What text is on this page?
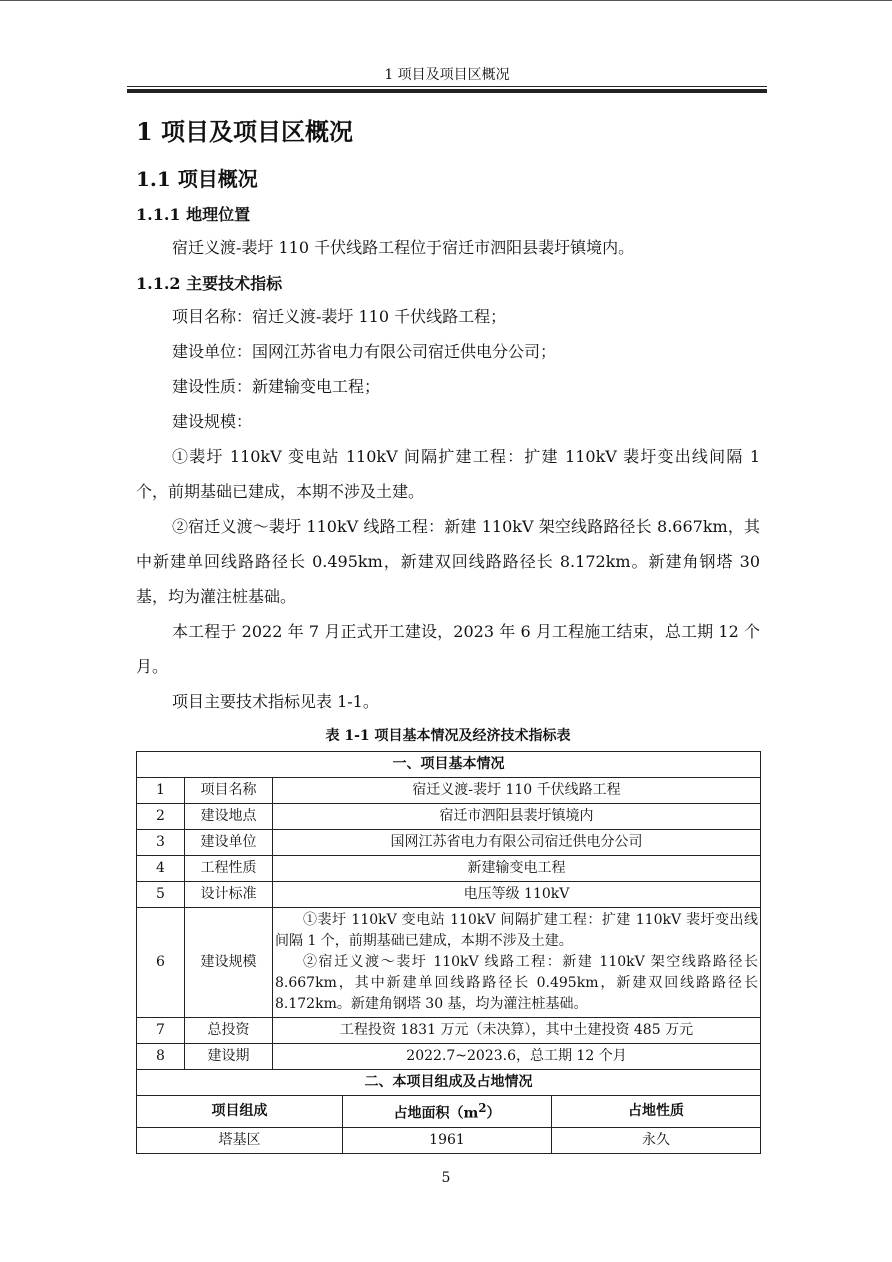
1 项目及项目区概况
1 项目及项目区概况
1.1 项目概况
1.1.1 地理位置

宿迁义渡-裴圩 110 千伏线路工程位于宿迁市泗阳县裴圩镇境内。

1.1.2 主要技术指标

项目名称：宿迁义渡-裴圩 110 千伏线路工程；

建设单位：国网江苏省电力有限公司宿迁供电分公司；

建设性质：新建输变电工程；

建设规模：

①裴圩 110kV 变电站 110kV 间隔扩建工程：扩建 110kV 裴圩变出线间隔 1 个，前期基础已建成，本期不涉及土建。

②宿迁义渡～裴圩 110kV 线路工程：新建 110kV 架空线路路径长 8.667km，其中新建单回线路路径长 0.495km，新建双回线路路径长 8.172km。新建角钢塔 30 基，均为灌注桩基础。

本工程于 2022 年 7 月正式开工建设，2023 年 6 月工程施工结束，总工期 12 个月。

项目主要技术指标见表 1-1。

表 1-1 项目基本情况及经济技术指标表
一、项目基本情况				
1	项目名称	宿迁义渡-裴圩 110 千伏线路工程		
2	建设地点	宿迁市泗阳县裴圩镇境内		
3	建设单位	国网江苏省电力有限公司宿迁供电分公司		
4	工程性质	新建输变电工程		
5	设计标准	电压等级 110kV		
6	建设规模	①裴圩 110kV 变电站 110kV 间隔扩建工程：扩建 110kV 裴圩变出线间隔 1 个，前期基础已建成，本期不涉及土建。
②宿迁义渡～裴圩 110kV 线路工程：新建 110kV 架空线路路径长 8.667km，其中新建单回线路路径长 0.495km，新建双回线路路径长 8.172km。新建角钢塔 30 基，均为灌注桩基础。		

7	总投资	工程投资 1831 万元（未决算），其中土建投资 485 万元		
8	建设期	2022.7~2023.6，总工期 12 个月		
二、本项目组成及占地情况				
项目组成			占地面积$(m^2)$	占地性质
塔基区			1961	永久
5
